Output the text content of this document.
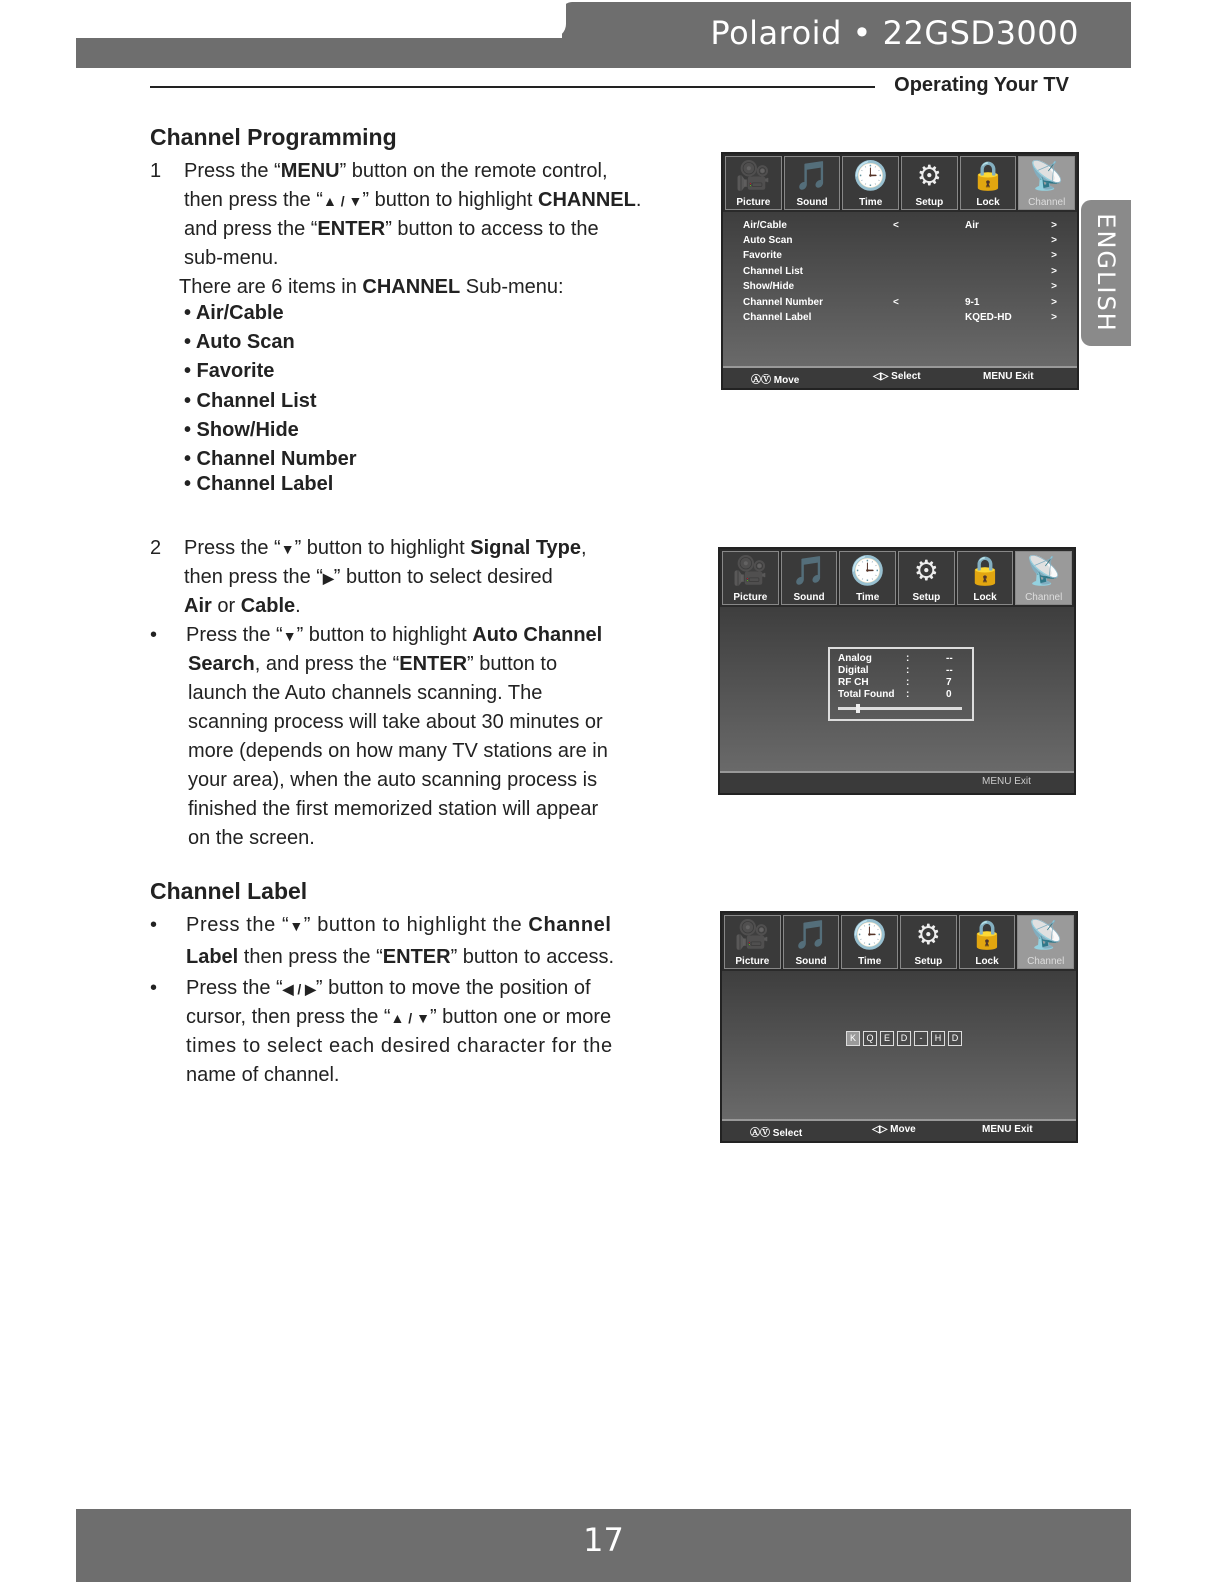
Polaroid • 22GSD3000
Operating Your TV
ENGLISH
Channel Programming
1 Press the “MENU” button on the remote control,
then press the “▲ / ▼” button to highlight CHANNEL.
and press the “ENTER” button to access to the
sub-menu.
There are 6 items in CHANNEL Sub-menu:
• Air/Cable
• Auto Scan
• Favorite
• Channel List
• Show/Hide
• Channel Number
• Channel Label
2 Press the “▼” button to highlight Signal Type,
then press the “▶” button to select desired
Air or Cable.
• Press the “▼” button to highlight Auto Channel
Search, and press the “ENTER” button to
launch the Auto channels scanning. The
scanning process will take about 30 minutes or
more (depends on how many TV stations are in
your area), when the auto scanning process is
finished the first memorized station will appear
on the screen.
Channel Label
• Press the “▼” button to highlight the Channel
Label then press the “ENTER” button to access.
• Press the “◀ / ▶” button to move the position of
cursor, then press the “▲ / ▼” button one or more
times to select each desired character for the
name of channel.
🎥
Picture
🎵
Sound
🕒
Time
⚙
Setup
🔒
Lock
📡
Channel
Air/Cable	<	Air	>
Auto Scan	>
Favorite	>
Channel List	>
Show/Hide	>
Channel Number	<	9-1	>
Channel Label	KQED-HD	>
ⒶⓋ Move	◁▷ Select	MENU Exit
🎥
Picture
🎵
Sound
🕒
Time
⚙
Setup
🔒
Lock
📡
Channel
Analog	:	--
Digital	:	--
RF CH	:	7
Total Found :	0
MENU Exit
🎥
Picture
🎵
Sound
🕒
Time
⚙
Setup
🔒
Lock
📡
Channel
K	Q	E	D	-	H	D
ⒶⓋ Select	◁▷ Move	MENU Exit
17
